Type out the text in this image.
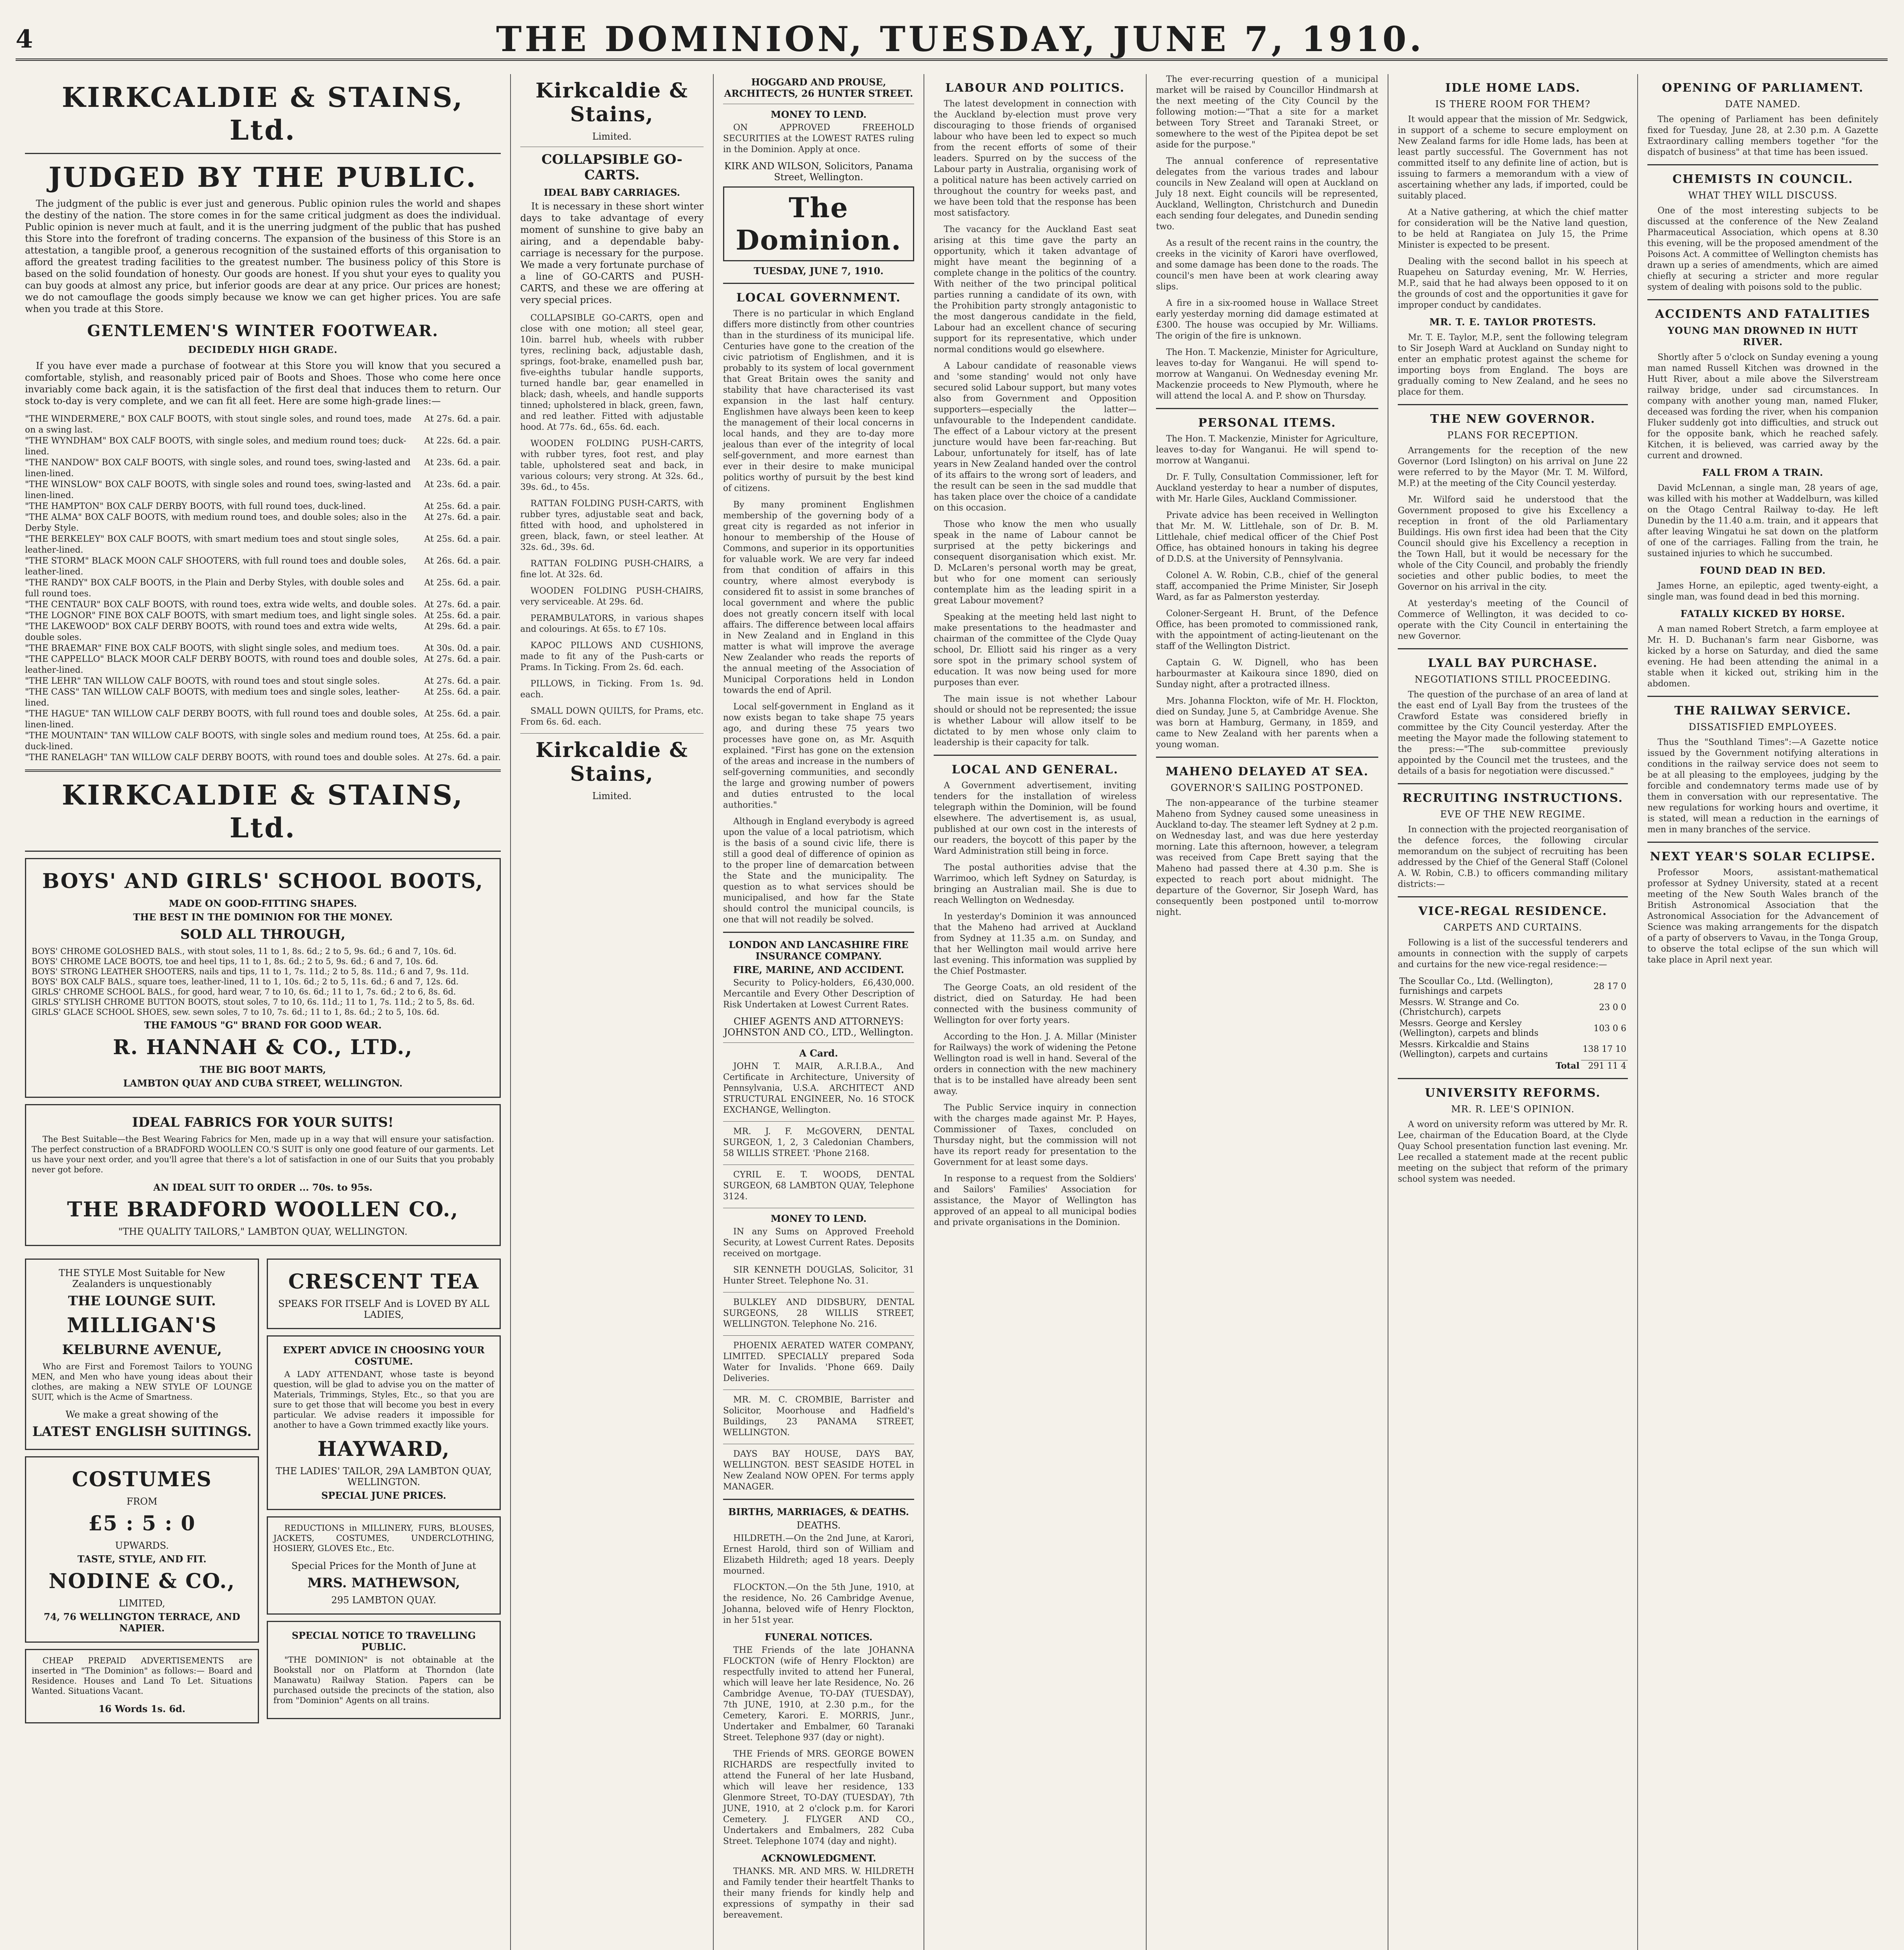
4	THE DOMINION, TUESDAY, JUNE 7, 1910.
KIRKCALDIE & STAINS, Ltd.
JUDGED BY THE PUBLIC.

The judgment of the public is ever just and generous. Public opinion rules the world and shapes the destiny of the nation. The store comes in for the same critical judgment as does the individual. Public opinion is never much at fault, and it is the unerring judgment of the public that has pushed this Store into the forefront of trading concerns. The expansion of the business of this Store is an attestation, a tangible proof, a generous recognition of the sustained efforts of this organisation to afford the greatest trading facilities to the greatest number. The business policy of this Store is based on the solid foundation of honesty. Our goods are honest. If you shut your eyes to quality you can buy goods at almost any price, but inferior goods are dear at any price. Our prices are honest; we do not camouflage the goods simply because we know we can get higher prices. You are safe when you trade at this Store.

GENTLEMEN'S WINTER FOOTWEAR.
DECIDEDLY HIGH GRADE.

If you have ever made a purchase of footwear at this Store you will know that you secured a comfortable, stylish, and reasonably priced pair of Boots and Shoes. Those who come here once invariably come back again, it is the satisfaction of the first deal that induces them to return. Our stock to-day is very complete, and we can fit all feet. Here are some high-grade lines:—

"THE WINDERMERE," BOX CALF BOOTS, with stout single soles, and round toes, made on a swing last.
At 27s. 6d. a pair.
"THE WYNDHAM" BOX CALF BOOTS, with single soles, and medium round toes; duck-lined.
At 22s. 6d. a pair.
"THE NANDOW" BOX CALF BOOTS, with single soles, and round toes, swing-lasted and linen-lined.
At 23s. 6d. a pair.
"THE WINSLOW" BOX CALF BOOTS, with single soles and round toes, swing-lasted and linen-lined.
At 23s. 6d. a pair.
"THE HAMPTON" BOX CALF DERBY BOOTS, with full round toes, duck-lined.	At 25s. 6d. a pair.
"THE ALMA" BOX CALF BOOTS, with medium round toes, and double soles; also in the Derby Style.
At 27s. 6d. a pair.
"THE BERKELEY" BOX CALF BOOTS, with smart medium toes and stout single soles, leather-lined.
At 25s. 6d. a pair.
"THE STORM" BLACK MOON CALF SHOOTERS, with full round toes and double soles, leather-lined.
At 26s. 6d. a pair.
"THE RANDY" BOX CALF BOOTS, in the Plain and Derby Styles, with double soles and full round toes.
At 25s. 6d. a pair.
"THE CENTAUR" BOX CALF BOOTS, with round toes, extra wide welts, and double soles. At 27s. 6d. a pair.
"THE LOGNOR" FINE BOX CALF BOOTS, with smart medium toes, and light single soles. At 25s. 6d. a pair.
"THE LAKEWOOD" BOX CALF DERBY BOOTS, with round toes and extra wide welts, double soles.
At 29s. 6d. a pair.
"THE BRAEMAR" FINE BOX CALF BOOTS, with slight single soles, and medium toes.	At 30s. 0d. a pair.
"THE CAPPELLO" BLACK MOOR CALF DERBY BOOTS, with round toes and double soles, leather-lined.
At 27s. 6d. a pair.
"THE LEHR" TAN WILLOW CALF BOOTS, with round toes and stout single soles.	At 27s. 6d. a pair.
"THE CASS" TAN WILLOW CALF BOOTS, with medium toes and single soles, leather-lined.
At 25s. 6d. a pair.
"THE HAGUE" TAN WILLOW CALF DERBY BOOTS, with full round toes and double soles, linen-lined.
At 25s. 6d. a pair.
"THE MOUNTAIN" TAN WILLOW CALF BOOTS, with single soles and medium round toes, duck-lined.
At 25s. 6d. a pair.
"THE RANELAGH" TAN WILLOW CALF DERBY BOOTS, with round toes and double soles. At 27s. 6d. a pair.
KIRKCALDIE & STAINS, Ltd.
BOYS' AND GIRLS' SCHOOL BOOTS,
MADE ON GOOD-FITTING SHAPES.
THE BEST IN THE DOMINION FOR THE MONEY.
SOLD ALL THROUGH,
BOYS' CHROME GOLOSHED BALS., with stout soles, 11 to 1, 8s. 6d.; 2 to 5, 9s. 6d.; 6 and 7, 10s. 6d.
BOYS' CHROME LACE BOOTS, toe and heel tips, 11 to 1, 8s. 6d.; 2 to 5, 9s. 6d.; 6 and 7, 10s. 6d.
BOYS' STRONG LEATHER SHOOTERS, nails and tips, 11 to 1, 7s. 11d.; 2 to 5, 8s. 11d.; 6 and 7, 9s. 11d.
BOYS' BOX CALF BALS., square toes, leather-lined, 11 to 1, 10s. 6d.; 2 to 5, 11s. 6d.; 6 and 7, 12s. 6d.
GIRLS' CHROME SCHOOL BALS., for good, hard wear, 7 to 10, 6s. 6d.; 11 to 1, 7s. 6d.; 2 to 6, 8s. 6d.
GIRLS' STYLISH CHROME BUTTON BOOTS, stout soles, 7 to 10, 6s. 11d.; 11 to 1, 7s. 11d.; 2 to 5, 8s. 6d.
GIRLS' GLACE SCHOOL SHOES, sew. sewn soles, 7 to 10, 7s. 6d.; 11 to 1, 8s. 6d.; 2 to 5, 10s. 6d.
THE FAMOUS "G" BRAND FOR GOOD WEAR.
R. HANNAH & CO., LTD.,
THE BIG BOOT MARTS,
LAMBTON QUAY AND CUBA STREET, WELLINGTON.
IDEAL FABRICS FOR YOUR SUITS!

The Best Suitable—the Best Wearing Fabrics for Men, made up in a way that will ensure your satisfaction. The perfect construction of a BRADFORD WOOLLEN CO.'S SUIT is only one good feature of our garments. Let us have your next order, and you'll agree that there's a lot of satisfaction in one of our Suits that you probably never got before.

AN IDEAL SUIT TO ORDER ... 70s. to 95s.
THE BRADFORD WOOLLEN CO.,
"THE QUALITY TAILORS," LAMBTON QUAY, WELLINGTON.
THE STYLE Most Suitable for New Zealanders is unquestionably
THE LOUNGE SUIT.
MILLIGAN'S
KELBURNE AVENUE,

Who are First and Foremost Tailors to YOUNG MEN, and Men who have young ideas about their clothes, are making a NEW STYLE OF LOUNGE SUIT, which is the Acme of Smartness.

We make a great showing of the
LATEST ENGLISH SUITINGS.
COSTUMES
FROM
£5 : 5 : 0
UPWARDS.
TASTE, STYLE, AND FIT.
NODINE & CO.,
LIMITED,
74, 76 WELLINGTON TERRACE, AND NAPIER.

CHEAP PREPAID ADVERTISEMENTS are inserted in "The Dominion" as follows:— Board and Residence. Houses and Land To Let. Situations Wanted. Situations Vacant.

16 Words 1s. 6d.
CRESCENT TEA
SPEAKS FOR ITSELF And is LOVED BY ALL LADIES,
EXPERT ADVICE IN CHOOSING YOUR COSTUME.

A LADY ATTENDANT, whose taste is beyond question, will be glad to advise you on the matter of Materials, Trimmings, Styles, Etc., so that you are sure to get those that will become you best in every particular. We advise readers it impossible for another to have a Gown trimmed exactly like yours.

HAYWARD,
THE LADIES' TAILOR, 29A LAMBTON QUAY, WELLINGTON.
SPECIAL JUNE PRICES.

REDUCTIONS in MILLINERY, FURS, BLOUSES, JACKETS, COSTUMES, UNDERCLOTHING, HOSIERY, GLOVES Etc., Etc.

Special Prices for the Month of June at
MRS. MATHEWSON,
295 LAMBTON QUAY.
SPECIAL NOTICE TO TRAVELLING PUBLIC.

"THE DOMINION" is not obtainable at the Bookstall nor on Platform at Thorndon (late Manawatu) Railway Station. Papers can be purchased outside the precincts of the station, also from "Dominion" Agents on all trains.

Kirkcaldie & Stains,
Limited.
COLLAPSIBLE GO-CARTS.
IDEAL BABY CARRIAGES.

It is necessary in these short winter days to take advantage of every moment of sunshine to give baby an airing, and a dependable baby-carriage is necessary for the purpose. We made a very fortunate purchase of a line of GO-CARTS and PUSH-CARTS, and these we are offering at very special prices.

COLLAPSIBLE GO-CARTS, open and close with one motion; all steel gear, 10in. barrel hub, wheels with rubber tyres, reclining back, adjustable dash, springs, foot-brake, enamelled push bar, five-eighths tubular handle supports, turned handle bar, gear enamelled in black; dash, wheels, and handle supports tinned; upholstered in black, green, fawn, and red leather. Fitted with adjustable hood. At 77s. 6d., 65s. 6d. each.

WOODEN FOLDING PUSH-CARTS, with rubber tyres, foot rest, and play table, upholstered seat and back, in various colours; very strong. At 32s. 6d., 39s. 6d., to 45s.

RATTAN FOLDING PUSH-CARTS, with rubber tyres, adjustable seat and back, fitted with hood, and upholstered in green, black, fawn, or steel leather. At 32s. 6d., 39s. 6d.

RATTAN FOLDING PUSH-CHAIRS, a fine lot. At 32s. 6d.

WOODEN FOLDING PUSH-CHAIRS, very serviceable. At 29s. 6d.

PERAMBULATORS, in various shapes and colourings. At 65s. to £7 10s.

KAPOC PILLOWS AND CUSHIONS, made to fit any of the Push-carts or Prams. In Ticking. From 2s. 6d. each.

PILLOWS, in Ticking. From 1s. 9d. each.

SMALL DOWN QUILTS, for Prams, etc. From 6s. 6d. each.

Kirkcaldie & Stains,
Limited.
HOGGARD AND PROUSE, ARCHITECTS, 26 HUNTER STREET.
MONEY TO LEND.

ON APPROVED FREEHOLD SECURITIES at the LOWEST RATES ruling in the Dominion. Apply at once.

KIRK AND WILSON, Solicitors, Panama Street, Wellington.
The Dominion.
TUESDAY, JUNE 7, 1910.
LOCAL GOVERNMENT.

There is no particular in which England differs more distinctly from other countries than in the sturdiness of its municipal life. Centuries have gone to the creation of the civic patriotism of Englishmen, and it is probably to its system of local government that Great Britain owes the sanity and stability that have characterised its vast expansion in the last half century. Englishmen have always been keen to keep the management of their local concerns in local hands, and they are to-day more jealous than ever of the integrity of local self-government, and more earnest than ever in their desire to make municipal politics worthy of pursuit by the best kind of citizens.

By many prominent Englishmen membership of the governing body of a great city is regarded as not inferior in honour to membership of the House of Commons, and superior in its opportunities for valuable work. We are very far indeed from that condition of affairs in this country, where almost everybody is considered fit to assist in some branches of local government and where the public does not greatly concern itself with local affairs. The difference between local affairs in New Zealand and in England in this matter is what will improve the average New Zealander who reads the reports of the annual meeting of the Association of Municipal Corporations held in London towards the end of April.

Local self-government in England as it now exists began to take shape 75 years ago, and during these 75 years two processes have gone on, as Mr. Asquith explained. "First has gone on the extension of the areas and increase in the numbers of self-governing communities, and secondly the large and growing number of powers and duties entrusted to the local authorities."

Although in England everybody is agreed upon the value of a local patriotism, which is the basis of a sound civic life, there is still a good deal of difference of opinion as to the proper line of demarcation between the State and the municipality. The question as to what services should be municipalised, and how far the State should control the municipal councils, is one that will not readily be solved.

LONDON AND LANCASHIRE FIRE INSURANCE COMPANY.
FIRE, MARINE, AND ACCIDENT.

Security to Policy-holders, £6,430,000. Mercantile and Every Other Description of Risk Undertaken at Lowest Current Rates.

CHIEF AGENTS AND ATTORNEYS: JOHNSTON AND CO., LTD., Wellington.
A Card.

JOHN T. MAIR, A.R.I.B.A., And Certificate in Architecture, University of Pennsylvania, U.S.A. ARCHITECT AND STRUCTURAL ENGINEER, No. 16 STOCK EXCHANGE, Wellington.

MR. J. F. McGOVERN, DENTAL SURGEON, 1, 2, 3 Caledonian Chambers, 58 WILLIS STREET. 'Phone 2168.

CYRIL E. T. WOODS, DENTAL SURGEON, 68 LAMBTON QUAY, Telephone 3124.

MONEY TO LEND.

IN any Sums on Approved Freehold Security, at Lowest Current Rates. Deposits received on mortgage.

SIR KENNETH DOUGLAS, Solicitor, 31 Hunter Street. Telephone No. 31.

BULKLEY AND DIDSBURY, DENTAL SURGEONS, 28 WILLIS STREET, WELLINGTON. Telephone No. 216.

PHOENIX AERATED WATER COMPANY, LIMITED. SPECIALLY prepared Soda Water for Invalids. 'Phone 669. Daily Deliveries.

MR. M. C. CROMBIE, Barrister and Solicitor, Moorhouse and Hadfield's Buildings, 23 PANAMA STREET, WELLINGTON.

DAYS BAY HOUSE, DAYS BAY, WELLINGTON. BEST SEASIDE HOTEL in New Zealand NOW OPEN. For terms apply MANAGER.

BIRTHS, MARRIAGES, & DEATHS.
DEATHS.

HILDRETH.—On the 2nd June, at Karori, Ernest Harold, third son of William and Elizabeth Hildreth; aged 18 years. Deeply mourned.

FLOCKTON.—On the 5th June, 1910, at the residence, No. 26 Cambridge Avenue, Johanna, beloved wife of Henry Flockton, in her 51st year.

FUNERAL NOTICES.

THE Friends of the late JOHANNA FLOCKTON (wife of Henry Flockton) are respectfully invited to attend her Funeral, which will leave her late Residence, No. 26 Cambridge Avenue, TO-DAY (TUESDAY), 7th JUNE, 1910, at 2.30 p.m., for the Cemetery, Karori. E. MORRIS, Junr., Undertaker and Embalmer, 60 Taranaki Street. Telephone 937 (day or night).

THE Friends of MRS. GEORGE BOWEN RICHARDS are respectfully invited to attend the Funeral of her late Husband, which will leave her residence, 133 Glenmore Street, TO-DAY (TUESDAY), 7th JUNE, 1910, at 2 o'clock p.m. for Karori Cemetery. J. FLYGER AND CO., Undertakers and Embalmers, 282 Cuba Street. Telephone 1074 (day and night).

ACKNOWLEDGMENT.

THANKS. MR. AND MRS. W. HILDRETH and Family tender their heartfelt Thanks to their many friends for kindly help and expressions of sympathy in their sad bereavement.

LABOUR AND POLITICS.

The latest development in connection with the Auckland by-election must prove very discouraging to those friends of organised labour who have been led to expect so much from the recent efforts of some of their leaders. Spurred on by the success of the Labour party in Australia, organising work of a political nature has been actively carried on throughout the country for weeks past, and we have been told that the response has been most satisfactory.

The vacancy for the Auckland East seat arising at this time gave the party an opportunity, which it taken advantage of might have meant the beginning of a complete change in the politics of the country. With neither of the two principal political parties running a candidate of its own, with the Prohibition party strongly antagonistic to the most dangerous candidate in the field, Labour had an excellent chance of securing support for its representative, which under normal conditions would go elsewhere.

A Labour candidate of reasonable views and 'some standing' would not only have secured solid Labour support, but many votes also from Government and Opposition supporters—especially the latter—unfavourable to the Independent candidate. The effect of a Labour victory at the present juncture would have been far-reaching. But Labour, unfortunately for itself, has of late years in New Zealand handed over the control of its affairs to the wrong sort of leaders, and the result can be seen in the sad muddle that has taken place over the choice of a candidate on this occasion.

Those who know the men who usually speak in the name of Labour cannot be surprised at the petty bickerings and consequent disorganisation which exist. Mr. D. McLaren's personal worth may be great, but who for one moment can seriously contemplate him as the leading spirit in a great Labour movement?

Speaking at the meeting held last night to make presentations to the headmaster and chairman of the committee of the Clyde Quay school, Dr. Elliott said his ringer as a very sore spot in the primary school system of education. It was now being used for more purposes than ever.

The main issue is not whether Labour should or should not be represented; the issue is whether Labour will allow itself to be dictated to by men whose only claim to leadership is their capacity for talk.

LOCAL AND GENERAL.

A Government advertisement, inviting tenders for the installation of wireless telegraph within the Dominion, will be found elsewhere. The advertisement is, as usual, published at our own cost in the interests of our readers, the boycott of this paper by the Ward Administration still being in force.

The postal authorities advise that the Warrimoo, which left Sydney on Saturday, is bringing an Australian mail. She is due to reach Wellington on Wednesday.

In yesterday's Dominion it was announced that the Maheno had arrived at Auckland from Sydney at 11.35 a.m. on Sunday, and that her Wellington mail would arrive here last evening. This information was supplied by the Chief Postmaster.

The George Coats, an old resident of the district, died on Saturday. He had been connected with the business community of Wellington for over forty years.

According to the Hon. J. A. Millar (Minister for Railways) the work of widening the Petone Wellington road is well in hand. Several of the orders in connection with the new machinery that is to be installed have already been sent away.

The Public Service inquiry in connection with the charges made against Mr. P. Hayes, Commissioner of Taxes, concluded on Thursday night, but the commission will not have its report ready for presentation to the Government for at least some days.

In response to a request from the Soldiers' and Sailors' Families' Association for assistance, the Mayor of Wellington has approved of an appeal to all municipal bodies and private organisations in the Dominion.

The ever-recurring question of a municipal market will be raised by Councillor Hindmarsh at the next meeting of the City Council by the following motion:—"That a site for a market between Tory Street and Taranaki Street, or somewhere to the west of the Pipitea depot be set aside for the purpose."

The annual conference of representative delegates from the various trades and labour councils in New Zealand will open at Auckland on July 18 next. Eight councils will be represented, Auckland, Wellington, Christchurch and Dunedin each sending four delegates, and Dunedin sending two.

As a result of the recent rains in the country, the creeks in the vicinity of Karori have overflowed, and some damage has been done to the roads. The council's men have been at work clearing away slips.

A fire in a six-roomed house in Wallace Street early yesterday morning did damage estimated at £300. The house was occupied by Mr. Williams. The origin of the fire is unknown.

The Hon. T. Mackenzie, Minister for Agriculture, leaves to-day for Wanganui. He will spend to-morrow at Wanganui. On Wednesday evening Mr. Mackenzie proceeds to New Plymouth, where he will attend the local A. and P. show on Thursday.

PERSONAL ITEMS.

The Hon. T. Mackenzie, Minister for Agriculture, leaves to-day for Wanganui. He will spend to-morrow at Wanganui.

Dr. F. Tully, Consultation Commissioner, left for Auckland yesterday to hear a number of disputes, with Mr. Harle Giles, Auckland Commissioner.

Private advice has been received in Wellington that Mr. M. W. Littlehale, son of Dr. B. M. Littlehale, chief medical officer of the Chief Post Office, has obtained honours in taking his degree of D.D.S. at the University of Pennsylvania.

Colonel A. W. Robin, C.B., chief of the general staff, accompanied the Prime Minister, Sir Joseph Ward, as far as Palmerston yesterday.

Coloner-Sergeant H. Brunt, of the Defence Office, has been promoted to commissioned rank, with the appointment of acting-lieutenant on the staff of the Wellington District.

Captain G. W. Dignell, who has been harbourmaster at Kaikoura since 1890, died on Sunday night, after a protracted illness.

Mrs. Johanna Flockton, wife of Mr. H. Flockton, died on Sunday, June 5, at Cambridge Avenue. She was born at Hamburg, Germany, in 1859, and came to New Zealand with her parents when a young woman.

MAHENO DELAYED AT SEA.
GOVERNOR'S SAILING POSTPONED.

The non-appearance of the turbine steamer Maheno from Sydney caused some uneasiness in Auckland to-day. The steamer left Sydney at 2 p.m. on Wednesday last, and was due here yesterday morning. Late this afternoon, however, a telegram was received from Cape Brett saying that the Maheno had passed there at 4.30 p.m. She is expected to reach port about midnight. The departure of the Governor, Sir Joseph Ward, has consequently been postponed until to-morrow night.

IDLE HOME LADS.
IS THERE ROOM FOR THEM?

It would appear that the mission of Mr. Sedgwick, in support of a scheme to secure employment on New Zealand farms for idle Home lads, has been at least partly successful. The Government has not committed itself to any definite line of action, but is issuing to farmers a memorandum with a view of ascertaining whether any lads, if imported, could be suitably placed.

At a Native gathering, at which the chief matter for consideration will be the Native land question, to be held at Rangiatea on July 15, the Prime Minister is expected to be present.

Dealing with the second ballot in his speech at Ruapeheu on Saturday evening, Mr. W. Herries, M.P., said that he had always been opposed to it on the grounds of cost and the opportunities it gave for improper conduct by candidates.

MR. T. E. TAYLOR PROTESTS.

Mr. T. E. Taylor, M.P., sent the following telegram to Sir Joseph Ward at Auckland on Sunday night to enter an emphatic protest against the scheme for importing boys from England. The boys are gradually coming to New Zealand, and he sees no place for them.

THE NEW GOVERNOR.
PLANS FOR RECEPTION.

Arrangements for the reception of the new Governor (Lord Islington) on his arrival on June 22 were referred to by the Mayor (Mr. T. M. Wilford, M.P.) at the meeting of the City Council yesterday.

Mr. Wilford said he understood that the Government proposed to give his Excellency a reception in front of the old Parliamentary Buildings. His own first idea had been that the City Council should give his Excellency a reception in the Town Hall, but it would be necessary for the whole of the City Council, and probably the friendly societies and other public bodies, to meet the Governor on his arrival in the city.

At yesterday's meeting of the Council of Commerce of Wellington, it was decided to co-operate with the City Council in entertaining the new Governor.

LYALL BAY PURCHASE.
NEGOTIATIONS STILL PROCEEDING.

The question of the purchase of an area of land at the east end of Lyall Bay from the trustees of the Crawford Estate was considered briefly in committee by the City Council yesterday. After the meeting the Mayor made the following statement to the press:—"The sub-committee previously appointed by the Council met the trustees, and the details of a basis for negotiation were discussed."

RECRUITING INSTRUCTIONS.
EVE OF THE NEW REGIME.

In connection with the projected reorganisation of the defence forces, the following circular memorandum on the subject of recruiting has been addressed by the Chief of the General Staff (Colonel A. W. Robin, C.B.) to officers commanding military districts:—

VICE-REGAL RESIDENCE.
CARPETS AND CURTAINS.

Following is a list of the successful tenderers and amounts in connection with the supply of carpets and curtains for the new vice-regal residence:—

The Scoullar Co., Ltd. (Wellington), furnishings and carpets	28 17 0
Messrs. W. Strange and Co. (Christchurch), carpets	23 0 0
Messrs. George and Kersley (Wellington), carpets and blinds	103 0 6
Messrs. Kirkcaldie and Stains (Wellington), carpets and curtains	138 17 10
Total	291 11 4
UNIVERSITY REFORMS.
MR. R. LEE'S OPINION.

A word on university reform was uttered by Mr. R. Lee, chairman of the Education Board, at the Clyde Quay School presentation function last evening. Mr. Lee recalled a statement made at the recent public meeting on the subject that reform of the primary school system was needed.

OPENING OF PARLIAMENT.
DATE NAMED.

The opening of Parliament has been definitely fixed for Tuesday, June 28, at 2.30 p.m. A Gazette Extraordinary calling members together "for the dispatch of business" at that time has been issued.

CHEMISTS IN COUNCIL.
WHAT THEY WILL DISCUSS.

One of the most interesting subjects to be discussed at the conference of the New Zealand Pharmaceutical Association, which opens at 8.30 this evening, will be the proposed amendment of the Poisons Act. A committee of Wellington chemists has drawn up a series of amendments, which are aimed chiefly at securing a stricter and more regular system of dealing with poisons sold to the public.

ACCIDENTS AND FATALITIES
YOUNG MAN DROWNED IN HUTT RIVER.

Shortly after 5 o'clock on Sunday evening a young man named Russell Kitchen was drowned in the Hutt River, about a mile above the Silverstream railway bridge, under sad circumstances. In company with another young man, named Fluker, deceased was fording the river, when his companion Fluker suddenly got into difficulties, and struck out for the opposite bank, which he reached safely. Kitchen, it is believed, was carried away by the current and drowned.

FALL FROM A TRAIN.

David McLennan, a single man, 28 years of age, was killed with his mother at Waddelburn, was killed on the Otago Central Railway to-day. He left Dunedin by the 11.40 a.m. train, and it appears that after leaving Wingatui he sat down on the platform of one of the carriages. Falling from the train, he sustained injuries to which he succumbed.

FOUND DEAD IN BED.

James Horne, an epileptic, aged twenty-eight, a single man, was found dead in bed this morning.

FATALLY KICKED BY HORSE.

A man named Robert Stretch, a farm employee at Mr. H. D. Buchanan's farm near Gisborne, was kicked by a horse on Saturday, and died the same evening. He had been attending the animal in a stable when it kicked out, striking him in the abdomen.

THE RAILWAY SERVICE.
DISSATISFIED EMPLOYEES.

Thus the "Southland Times":—A Gazette notice issued by the Government notifying alterations in conditions in the railway service does not seem to be at all pleasing to the employees, judging by the forcible and condemnatory terms made use of by them in conversation with our representative. The new regulations for working hours and overtime, it is stated, will mean a reduction in the earnings of men in many branches of the service.

NEXT YEAR'S SOLAR ECLIPSE.

Professor Moors, assistant-mathematical professor at Sydney University, stated at a recent meeting of the New South Wales branch of the British Astronomical Association that the Astronomical Association for the Advancement of Science was making arrangements for the dispatch of a party of observers to Vavau, in the Tonga Group, to observe the total eclipse of the sun which will take place in April next year.
